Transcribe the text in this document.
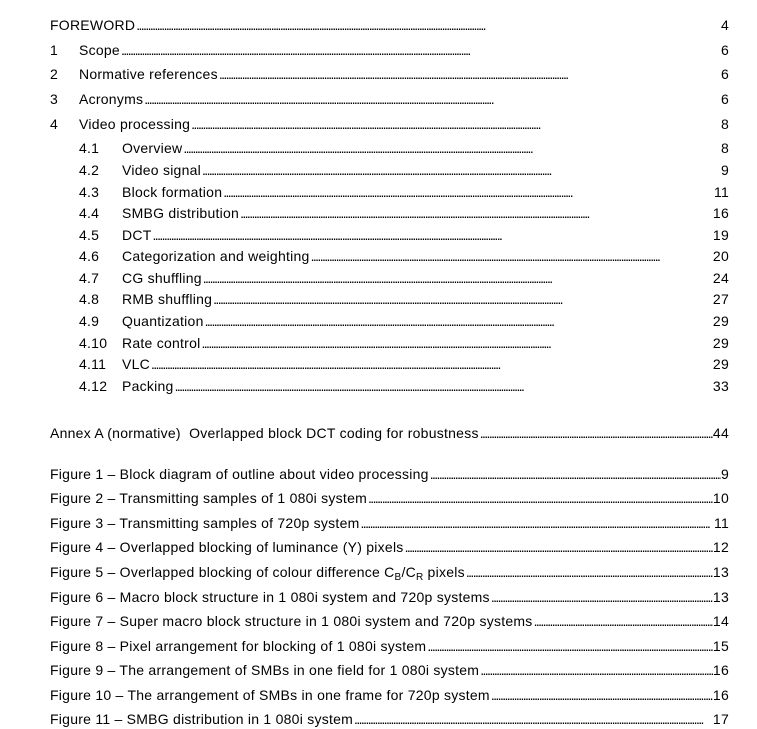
FOREWORD . . .	4
1	Scope . . .	6
2	Normative references . . .	6
3	Acronyms . . .	6
4	Video processing . . .	8
4.1	Overview . . .	8
4.2	Video signal . . .	9
4.3	Block formation . . .	11
4.4	SMBG distribution . . .	16
4.5	DCT . . .	19
4.6	Categorization and weighting . . .	20
4.7	CG shuffling . . .	24
4.8	RMB shuffling . . .	27
4.9	Quantization . . .	29
4.10	Rate control . . .	29
4.11	VLC . . .	29
4.12	Packing . . .	33
Annex A (normative)  Overlapped block DCT coding for robustness . . .	44
Figure 1 – Block diagram of outline about video processing . . .	9
Figure 2 – Transmitting samples of 1 080i system . . .	10
Figure 3 – Transmitting samples of 720p system . . .	11
Figure 4 – Overlapped blocking of luminance (Y) pixels . . .	12
Figure 5 – Overlapped blocking of colour difference $C_B/C_R$ pixels . . .	13
Figure 6 – Macro block structure in 1 080i system and 720p systems . . .	13
Figure 7 – Super macro block structure in 1 080i system and 720p systems . . .	14
Figure 8 – Pixel arrangement for blocking of 1 080i system . . .	15
Figure 9 – The arrangement of SMBs in one field for 1 080i system . . .	16
Figure 10 – The arrangement of SMBs in one frame for 720p system . . .	16
Figure 11 – SMBG distribution in 1 080i system . . .	17
